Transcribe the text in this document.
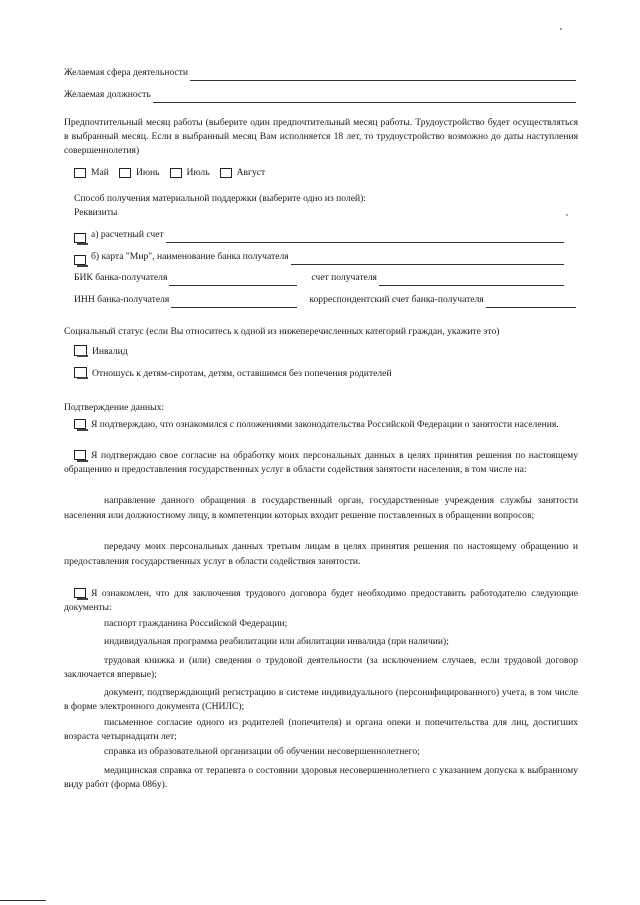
Желаемая сфера деятельности
Желаемая должность
Предпочтительный месяц работы (выберите один предпочтительный месяц работы. Трудоустройство будет осуществляться в выбранный месяц. Если в выбранный месяц Вам исполняется 18 лет, то трудоустройство возможно до даты наступления совершеннолетия)
Май	Июнь	Июль	Август
Способ получения материальной поддержки (выберите одно из полей):
Реквизиты
а) расчетный счет
б) карта "Мир", наименование банка получателя
БИК банка-получателя	счет получателя
ИНН банка-получателя	корреспондентский счет банка-получателя
Социальный статус (если Вы относитесь к одной из нижеперечисленных категорий граждан, укажите это)
Инвалид
Отношусь к детям-сиротам, детям, оставшимся без попечения родителей
Подтверждение данных:
Я подтверждаю, что ознакомился с положениями законодательства Российской Федерации о занятости населения.
Я подтверждаю свое согласие на обработку моих персональных данных в целях принятия решения по настоящему обращению и предоставления государственных услуг в области содействия занятости населения, в том числе на:
направление данного обращения в государственный орган, государственные учреждения службы занятости населения или должностному лицу, в компетенции которых входит решение поставленных в обращении вопросов;
передачу моих персональных данных третьим лицам в целях принятия решения по настоящему обращению и предоставления государственных услуг в области содействия занятости.
Я ознакомлен, что для заключения трудового договора будет необходимо предоставить работодателю следующие документы:
паспорт гражданина Российской Федерации;
индивидуальная программа реабилитации или абилитации инвалида (при наличии);
трудовая книжка и (или) сведения о трудовой деятельности (за исключением случаев, если трудовой договор заключается впервые);
документ, подтверждающий регистрацию в системе индивидуального (персонифицированного) учета, в том числе в форме электронного документа (СНИЛС);
письменное согласие одного из родителей (попечителя) и органа опеки и попечительства для лиц, достигших возраста четырнадцати лет;
справка из образовательной организации об обучении несовершеннолетнего;
медицинская справка от терапевта о состоянии здоровья несовершеннолетнего с указанием допуска к выбранному виду работ (форма 086у).
